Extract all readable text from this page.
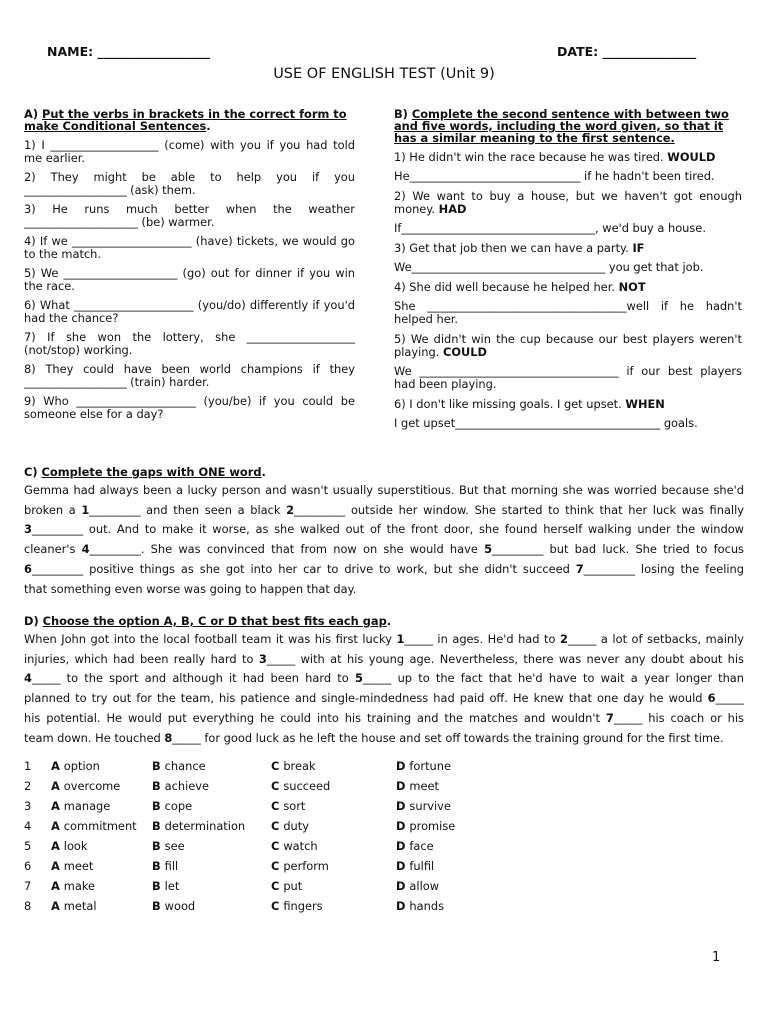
NAME: __________________	DATE: _______________
USE OF ENGLISH TEST (Unit 9)
A) Put the verbs in brackets in the correct form to make Conditional Sentences.

1) I ___________________ (come) with you if you had told me earlier.

2) They might be able to help you if you __________________ (ask) them.

3) He runs much better when the weather ____________________ (be) warmer.

4) If we _____________________ (have) tickets, we would go to the match.

5) We ____________________ (go) out for dinner if you win the race.

6) What _____________________ (you/do) differently if you'd had the chance?

7) If she won the lottery, she ___________________ (not/stop) working.

8) They could have been world champions if they __________________ (train) harder.

9) Who _____________________ (you/be) if you could be someone else for a day?

B) Complete the second sentence with between two and five words, including the word given, so that it has a similar meaning to the first sentence.

1) He didn't win the race because he was tired. WOULD

He______________________________ if he hadn't been tired.

2) We want to buy a house, but we haven't got enough money. HAD

If__________________________________, we'd buy a house.

3) Get that job then we can have a party. IF

We__________________________________ you get that job.

4) She did well because he helped her. NOT

She ___________________________________well if he hadn't helped her.

5) We didn't win the cup because our best players weren't playing. COULD

We ___________________________________ if our best players had been playing.

6) I don't like missing goals. I get upset. WHEN

I get upset____________________________________ goals.

C) Complete the gaps with ONE word.
Gemma had always been a lucky person and wasn't usually superstitious. But that morning she was worried because she'd
broken a 1_________ and then seen a black 2_________ outside her window. She started to think that her luck was finally
3_________ out. And to make it worse, as she walked out of the front door, she found herself walking under the window
cleaner's 4_________. She was convinced that from now on she would have 5_________ but bad luck. She tried to focus
6_________ positive things as she got into her car to drive to work, but she didn't succeed 7_________ losing the feeling
that something even worse was going to happen that day.
D) Choose the option A, B, C or D that best fits each gap.
When John got into the local football team it was his first lucky 1_____ in ages. He'd had to 2_____ a lot of setbacks, mainly
injuries, which had been really hard to 3_____ with at his young age. Nevertheless, there was never any doubt about his
4_____ to the sport and although it had been hard to 5_____ up to the fact that he'd have to wait a year longer than
planned to try out for the team, his patience and single-mindedness had paid off. He knew that one day he would 6_____
his potential. He would put everything he could into his training and the matches and wouldn't 7_____ his coach or his
team down. He touched 8_____ for good luck as he left the house and set off towards the training ground for the first time.
1	A option	B chance	C break	D fortune
2	A overcome	B achieve	C succeed	D meet
3	A manage	B cope	C sort	D survive
4	A commitment	B determination	C duty	D promise
5	A look	B see	C watch	D face
6	A meet	B fill	C perform	D fulfil
7	A make	B let	C put	D allow
8	A metal	B wood	C fingers	D hands
1
